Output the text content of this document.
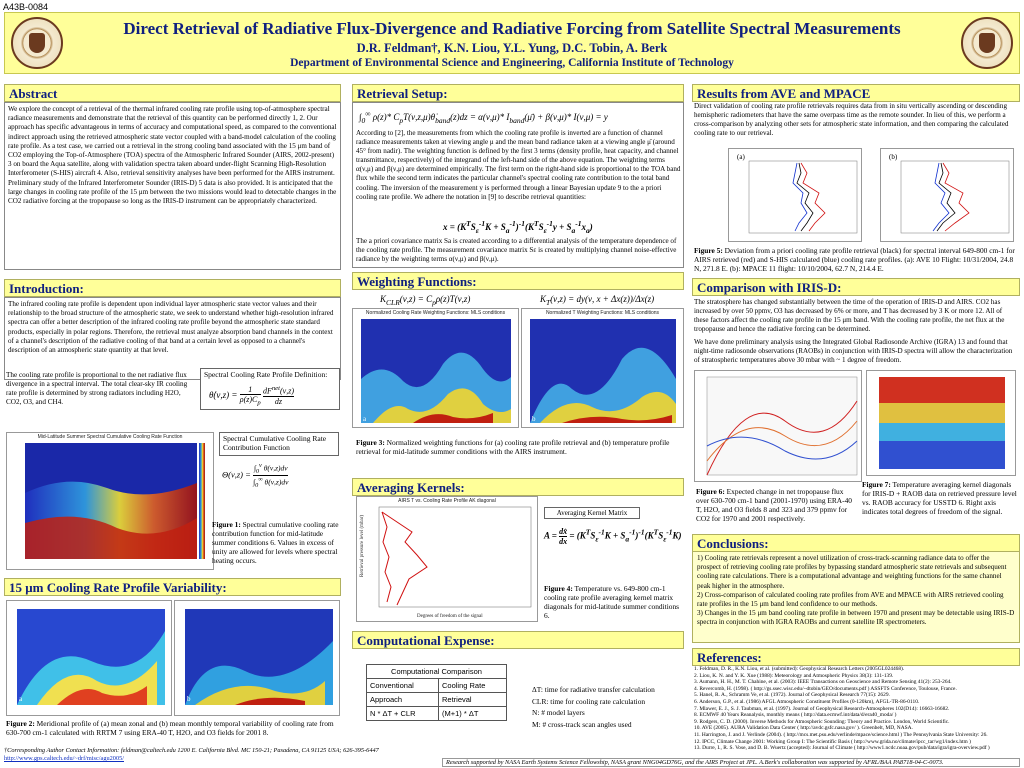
A43B-0084
Direct Retrieval of Radiative Flux-Divergence and Radiative Forcing from Satellite Spectral Measurements
D.R. Feldman†, K.N. Liou, Y.L. Yung, D.C. Tobin, A. Berk
Department of Environmental Science and Engineering, California Institute of Technology
Abstract
We explore the concept of a retrieval of the thermal infrared cooling rate profile using top-of-atmosphere spectral radiance measurements and demonstrate that the retrieval of this quantity can be performed directly 1, 2. Our approach has specific advantageous in terms of accuracy and computational speed, as compared to the conventional indirect approach using the retrieved atmospheric state vector coupled with a band-model calculation of the cooling rate profile. As a test case, we carried out a retrieval in the strong cooling band associated with the 15 μm band of CO2 employing the Top-of-Atmosphere (TOA) spectra of the Atmospheric Infrared Sounder (AIRS, 2002-present) 3 on board the Aqua satellite, along with validation spectra taken aboard under-flight Scanning High-Resolution Interferometer (S-HIS) aircraft 4. Also, retrieval sensitivity analyses have been performed for the AIRS instrument. Preliminary study of the Infrared Interferometer Sounder (IRIS-D) 5 data is also provided. It is anticipated that the large changes in cooling rate profile of the 15 μm between the two missions would lead to detectable changes in the CO2 radiative forcing at the tropopause so long as the IRIS-D instrument can be appropriately characterized.
Introduction:
The infrared cooling rate profile is dependent upon individual layer atmospheric state vector values and their relationship to the broad structure of the atmospheric state, we seek to understand whether high-resolution infrared spectra can offer a better description of the infrared cooling rate profile beyond the atmospheric state standard products, especially in polar regions. Therefore, the retrieval must analyze absorption band channels in the context of a channel's description of the radiative cooling of that band at a certain level as opposed to a channel's description of an atmospheric state quantity at that level.
The cooling rate profile is proportional to the net radiative flux divergence in a spectral interval. The total clear-sky IR cooling rate profile is determined by strong radiators including H2O, CO2, O3, and CH4.
Spectral Cooling Rate Profile Definition:
θ̇(ν,z) = $\frac{1}{\rho(z)C_p}$
$dF^{net}(\nu,z)$
dz
Mid-Latitude Summer Spectral Cumulative Cooling Rate Function	Spectral Cumulative Cooling Rate Contribution Function
$\Theta(\nu,z) = \frac{\int_0^\nu \thetȧ(\nu,z)d\nu}{\int_0^\infty \thetȧ(\nu,z)d\nu}$
Figure 1: Spectral cumulative cooling rate contribution function for mid-latitude summer conditions 6. Values in excess of unity are allowed for levels where spectral heating occurs.
15 μm Cooling Rate Profile Variability:
a	b
Figure 2: Meridional profile of (a) mean zonal and (b) mean monthly temporal variability of cooling rate from 630-700 cm-1 calculated with RRTM 7 using ERA-40 T, H2O, and O3 fields for 2001 8.
Retrieval Setup:
$\int_0^\infty$ ρ(z)* $C_pT(\nu,z,\mu)\thetȧ_{band}(z)dz = \alpha(\nu,\mu)*$ $I_{band}(\mū) + \beta(\nu,\mu)*$ I(ν,μ) = y
According to [2], the measurements from which the cooling rate profile is inverted are a function of channel radiance measurements taken at viewing angle μ and the mean band radiance taken at a viewing angle μ̄ (around 45° from nadir). The weighting function is defined by the first 3 terms (density profile, heat capacity, and channel transmittance, respectively) of the integrand of the left-hand side of the above equation. The weighting terms α(ν,μ) and β(ν,μ) are determined empirically. The first term on the right-hand side is proportional to the TOA band flux while the second term indicates the particular channel's spectral cooling rate contribution to the total band cooling. The inversion of the measurement y is performed through a linear Bayesian update 9 to the a priori cooling rate profile. We adhere the notation in [9] to describe retrieval quantities:
$x = (K^TS_\varepsilon^{-1}K + S_a^{-1})^{-1}(K^TS_\varepsilon^{-1}y + S_a^{-1}x_a)$
The a priori covariance matrix Sa is created according to a differential analysis of the temperature dependence of the cooling rate profile. The measurement covariance matrix Sε is created by multiplying channel noise-effective radiance by the weighting terms α(ν,μ) and β(ν,μ).
Weighting Functions:
$K_{CLR}(\nu,z) = C_p\rho(z)T(\nu,z)$	$K_T(\nu,z) = dy(\nu$, x + Δx(z))/Δx(z)
Normalized Cooling Rate Weighting Functions: MLS conditions
a
Normalized T Weighting Functions: MLS conditions
b
Figure 3: Normalized weighting functions for (a) cooling rate profile retrieval and (b) temperature profile retrieval for mid-latitude summer conditions with the AIRS instrument.
Averaging Kernels:
AIRS T vs. Cooling Rate Profile AK diagonal
Retrieval pressure level (mbar)
Degrees of freedom of the signal
Averaging Kernel Matrix
$A = \frac{dx̂}{dx} = (K^TS_\varepsilon^{-1}K + S_a^{-1})^{-1}(K^TS_\varepsilon^{-1}K)$
Figure 4: Temperature vs. 649-800 cm-1 cooling rate profile averaging kernel matrix diagonals for mid-latitude summer conditions 6.
Computational Expense:
Computational Comparison	
Conventional	Cooling Rate
Approach	Retrieval
N * ΔT + CLR	(M+1) * ΔT
ΔT: time for radiative transfer calculation
CLR: time for cooling rate calculation
N: # model layers
M: # cross-track scan angles used
Results from AVE and MPACE
Direct validation of cooling rate profile retrievals requires data from in situ vertically ascending or descending hemispheric radiometers that have the same overpass time as the remote sounder. In lieu of this, we perform a cross-comparison by analyzing other sets for atmospheric state information, and then comparing the calculated cooling rate to our retrieval.
(a)	(b)
Figure 5: Deviation from a priori cooling rate profile retrieval (black) for spectral interval 649-800 cm-1 for AIRS retrieved (red) and S-HIS calculated (blue) cooling rate profiles. (a): AVE 10 Flight: 10/31/2004, 24.8 N, 271.8 E. (b): MPACE 11 flight: 10/10/2004, 62.7 N, 214.4 E.
Comparison with IRIS-D:
The stratosphere has changed substantially between the time of the operation of IRIS-D and AIRS. CO2 has increased by over 50 ppmv, O3 has decreased by 6% or more, and T has decreased by 3 K or more 12. All of these factors affect the cooling rate profile in the 15 μm band. With the cooling rate profile, the net flux at the tropopause and hence the radiative forcing can be determined.
We have done preliminary analysis using the Integrated Global Radiosonde Archive (IGRA) 13 and found that night-time radiosonde observations (RAOBs) in conjunction with IRIS-D spectra will allow the characterization of stratospheric temperatures above 30 mbar with ~ 1 degree of freedom.
Figure 6: Expected change in net tropopause flux over 630-700 cm-1 band (2001-1970) using ERA-40 T, H2O, and O3 fields 8 and 323 and 379 ppmv for CO2 for 1970 and 2001 respectively.
Figure 7: Temperature averaging kernel diagonals for IRIS-D + RAOB data on retrieved pressure level vs. RAOB accuracy for USSTD 6. Right axis indicates total degrees of freedom of the signal.
Conclusions:
1) Cooling rate retrievals represent a novel utilization of cross-track-scanning radiance data to offer the prospect of retrieving cooling rate profiles by bypassing standard atmospheric state retrievals and subsequent cooling rate calculations. There is a computational advantage and weighting functions for the same channel peak higher in the atmosphere.
2) Cross-comparison of calculated cooling rate profiles from AVE and MPACE with AIRS retrieved cooling rate profiles in the 15 μm band lend confidence to our methods.
3) Changes in the 15 μm band cooling rate profile in between 1970 and present may be detectable using IRIS-D spectra in conjunction with IGRA RAOBs and current satellite IR spectrometers.
References:
1. Feldman, D. R., K.N. Liou, et al. (submitted): Geophysical Research Letters (2005GL024468).
2. Liou, K. N. and Y. K. Xue (1988): Meteorology and Atmospheric Physics 38(3): 131-139.
3. Aumann, H. H., M. T. Chahine, et al. (2003): IEEE Transactions on Geoscience and Remote Sensing 41(2): 253-264.
4. Revercomb, H. (1998). ( http://gs.ssec.wisc.edu/~dtobin/GEO/documents.pdf ) ASSFTS Conference, Toulouse, France.
5. Hanel, R. A., Schramm Ve, et al. (1972). Journal of Geophysical Research 77(15): 2629.
6. Anderson, G.P., et al. (1986) AFGL Atmospheric Constituent Profiles (0-120km), AFGL-TR-86-0110.
7. Mlawer, E. J., S. J. Taubman, et al. (1997). Journal of Geophysical Research-Atmospheres 102(D14): 16663-16682.
8. ECMWF 40 Years Reanalysis, monthly means ( http://data.ecmwf.int/data/d/era40_moda/ )
9. Rodgers, C. D. (2000). Inverse Methods for Atmospheric Sounding: Theory and Practice. London, World Scientific.
10. AVE (2005). AURA Validation Data Center ( http://avdc.gsfc.nasa.gov/ ). Greenbelt, MD, NASA.
11. Harrington, J. and J. Verlinde (2004). ( http://mcs.met.psu.edu/verlinde/mpace/science.html ) The Pennsylvania State University: 26.
12. IPCC, Climate Change 2001: Working Group I: The Scientific Basis ( http://www.grida.no/climate/ipcc_tar/wg1/index.htm )
13. Durre, I., R. S. Vose, and D. B. Wuertz (accepted): Journal of Climate ( http://www1.ncdc.noaa.gov/pub/data/igra/igra-overview.pdf )
†Corresponding Author Contact Information: feldman@caltech.edu 1200 E. California Blvd. MC 150-21; Pasadena, CA 91125 USA; 626-395-6447
http://www.gps.caltech.edu/~drf/misc/agu2005/
Research supported by NASA Earth Systems Science Fellowship, NASA grant NNG04GD76G, and the AIRS Project at JPL. A.Berk's collaboration was supported by AFRL/BAA PA8718-04-C-0073.
